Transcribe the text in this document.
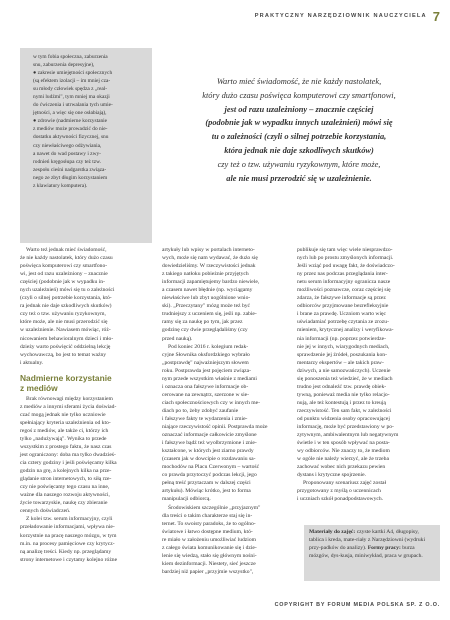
PRAKTYCZNY NARZĘDZIOWNIK NAUCZYCIELA 7
w tym fobia społeczna, zaburzenia
snu, zaburzenia depresyjne),
● zakresie umiejętności społecznych
(są efektem izolacji – im mniej cza-
su młody człowiek spędza z „real-
nymi ludźmi", tym mniej ma okazji
do ćwiczenia i utrwalania tych umie-
jętności, a więc się one osłabiają),
● zdrowie (nadmierne korzystanie
z mediów może prowadzić do nie-
dostatku aktywności fizycznej, snu
czy niewłaściwego odżywiania,
a nawet do wad postawy i zwy-
rodnień kręgosłupa czy też tzw.
zespołu cieśni nadgarstka związa-
nego ze zbyt długim korzystaniem
z klawiatury komputera).
Warto mieć świadomość, że nie każdy nastolatek,
który dużo czasu poświęca komputerowi czy smartfonowi,
jest od razu uzależniony – znacznie częściej
(podobnie jak w wypadku innych uzależnień) mówi się
tu o zależności (czyli o silnej potrzebie korzystania,
która jednak nie daje szkodliwych skutków)
czy też o tzw. używaniu ryzykownym, które może,
ale nie musi przerodzić się w uzależnienie.
Warto też jednak mieć świadomość,
że nie każdy nastolatek, który dużo czasu
poświęca komputerowi czy smartfono-
wi, jest od razu uzależniony – znacznie
częściej (podobnie jak w wypadku in-
nych uzależnień) mówi się tu o zależności
(czyli o silnej potrzebie korzystania, któ-
ra jednak nie daje szkodliwych skutków)
czy też o tzw. używaniu ryzykownym,
które może, ale nie musi przerodzić się
w uzależnienie. Nawiasem mówiąc, róż-
nicowaniem behawioralnym dzieci i mło-
dzieży warto poświęcić oddzielną lekcję
wychowawczą, bo jest to temat ważny
i aktualny.
Nadmierne korzystanie
z mediów
Brak równowagi między korzystaniem
z mediów a innymi sferami życia doświad-
czać mogą jednak nie tylko uczniowie
spełniający kryteria uzależnienia od kto-
regoś z mediów, ale także ci, którzy ich
tylko „nadużywają". Wynika to przede
wszystkim z prostego faktu, że nasz czas
jest ograniczony: doba ma tylko dwadzieś-
cia cztery godziny i jeśli poświęcamy kilka
godzin na grę, a kolejnych kilka na prze-
glądanie stron internetowych, to siłą rze-
czy nie poświęcamy tego czasu na inne,
ważne dla naszego rozwoju aktywności,
życie towarzyskie, naukę czy zbieranie
cennych doświadczeń.
Z kolei tzw. serum informacyjny, czyli
przeładowanie informacjami, wpływa nie-
korzystnie na pracę naszego mózgu, w tym
m.in. na procesy pamięciowe czy krytycz-
ną analizę treści. Kiedy np. przeglądamy
strony internetowe i czytamy kolejno różne
artykuły lub wpisy w portalach interneto-
wych, może się nam wydawać, że dużo się
dowiedzieliśmy. W rzeczywistości jednak
z takiego natłoku pobieżnie przyjętych
informacji zapamiętujemy bardzo niewiele,
a czasem nawet błędnie (np. wyciągamy
niewłaściwe lub zbyt uogólnione wnio-
ski). „Przeczytany" mózg może też być
trudniejszy z uczeniem się, jeśli np. zabie-
ramy się za naukę po tym, jak przez
godzinę czy dwie przeglądaliśmy (czy
przed nauką).
Pod koniec 2016 r. kolegium redak-
cyjne Słownika oksfordzkiego wybrało
„postprawdę" najważniejszym słowem
roku. Postprawda jest pojęciem związa-
nym przede wszystkim właśnie z mediami
i oznacza ona fałszywe informacje ob-
cerowane na zewnątrz, szerzone w sie-
ciach społecznościowych czy w innych me-
diach po to, żeby zdobyć zaufanie
i fałszywe fakty te wydarzenia i zmie-
niające rzeczywistość opinii. Postprawda może
oznaczać informacje całkowicie zmyślone
i fałszywe bądź też wyolbrzymione i znie-
kształcone, w których jest ziarno prawdy
(czasem jak w dowcipie o rozdawaniu sa-
mochodów na Placu Czerwonym – wartość
co prawda przytoczyć podczas lekcji, jego
pełną treść przytaczam w dalszej części
artykułu). Mówiąc krótko, jest to forma
manipulacji odbiorcą.
Środowiskiem szczególnie „przyjaznym"
dla treści o takim charakterze staj się in-
ternet. To swoisty paradoks, że to ogólno-
światowe i łatwo dostępne medium, któ-
re miało w założeniu umożliwiać ludziom
z całego świata komunikowanie się i dzie-
lenie się wiedzą, stało się głównym nośni-
kiem dezinformacji. Niestety, sieć jeszcze
bardziej niż papier „przyjmie wszystko",
publikuje się tam więc wiele niesprawdzo-
nych lub po prostu zmyślonych informacji.
Jeśli wziąć pod uwagę fakt, że doświadczo-
ny przez nas podczas przeglądania inter-
netu serum informacyjny ogranicza nasze
możliwości poznawcze, coraz częściej się
zdarza, że fałszywe informacje są przez
odbiorców przyjmowane bezrefleksyjnie
i brane za prawdę. Uczniom warto więc
uświadamiać potrzebę czytania ze zrozu-
mieniem, krytycznej analizy i weryfikowa-
nia informacji (np. poprzez potwierdze-
nie jej w innych, wiarygodnych mediach,
sprawdzenie jej źródeł, poszukania kon-
mentarzy ekspertów – ale takich praw-
dziwych, a nie samozwańczych). Uczenie
się ponoszenia też wiedzieć, że w mediach
trudno jest odnaleźć tzw. prawdę obiek-
tywną, ponieważ media nie tylko relacjo-
nują, ale też kontestują i przez to kreują
rzeczywistość. Ten sam fakt, w zależności
od punktu widzenia osoby opracowującej
informację, może być przedstawiony w po-
zytywnym, ambiwalentnym lub negatywnym
świetle i w ten sposób wpływać na posta-
wy odbiorców. Nie znaczy to, że mediom
w ogóle nie należy wierzyć, ale że trzeba
zachować wobec nich przekazu pewien
dystans i krytyczne spojrzenie.
Proponowany scenariusz zajęć został
przygotowany z myślą o uczennicach
i uczniach szkół ponadpodstawowych.
Materiały do zajęć: czyste kartki A4, długopisy, tablica i kreda, mate-riały z Narzędziowni (wydruki przy-padków do analizy). Formy pracy: burza mózgów, dys-kusja, miniwykład, praca w grupach.
COPYRIGHT BY FORUM MEDIA POLSKA SP. Z O.O.
